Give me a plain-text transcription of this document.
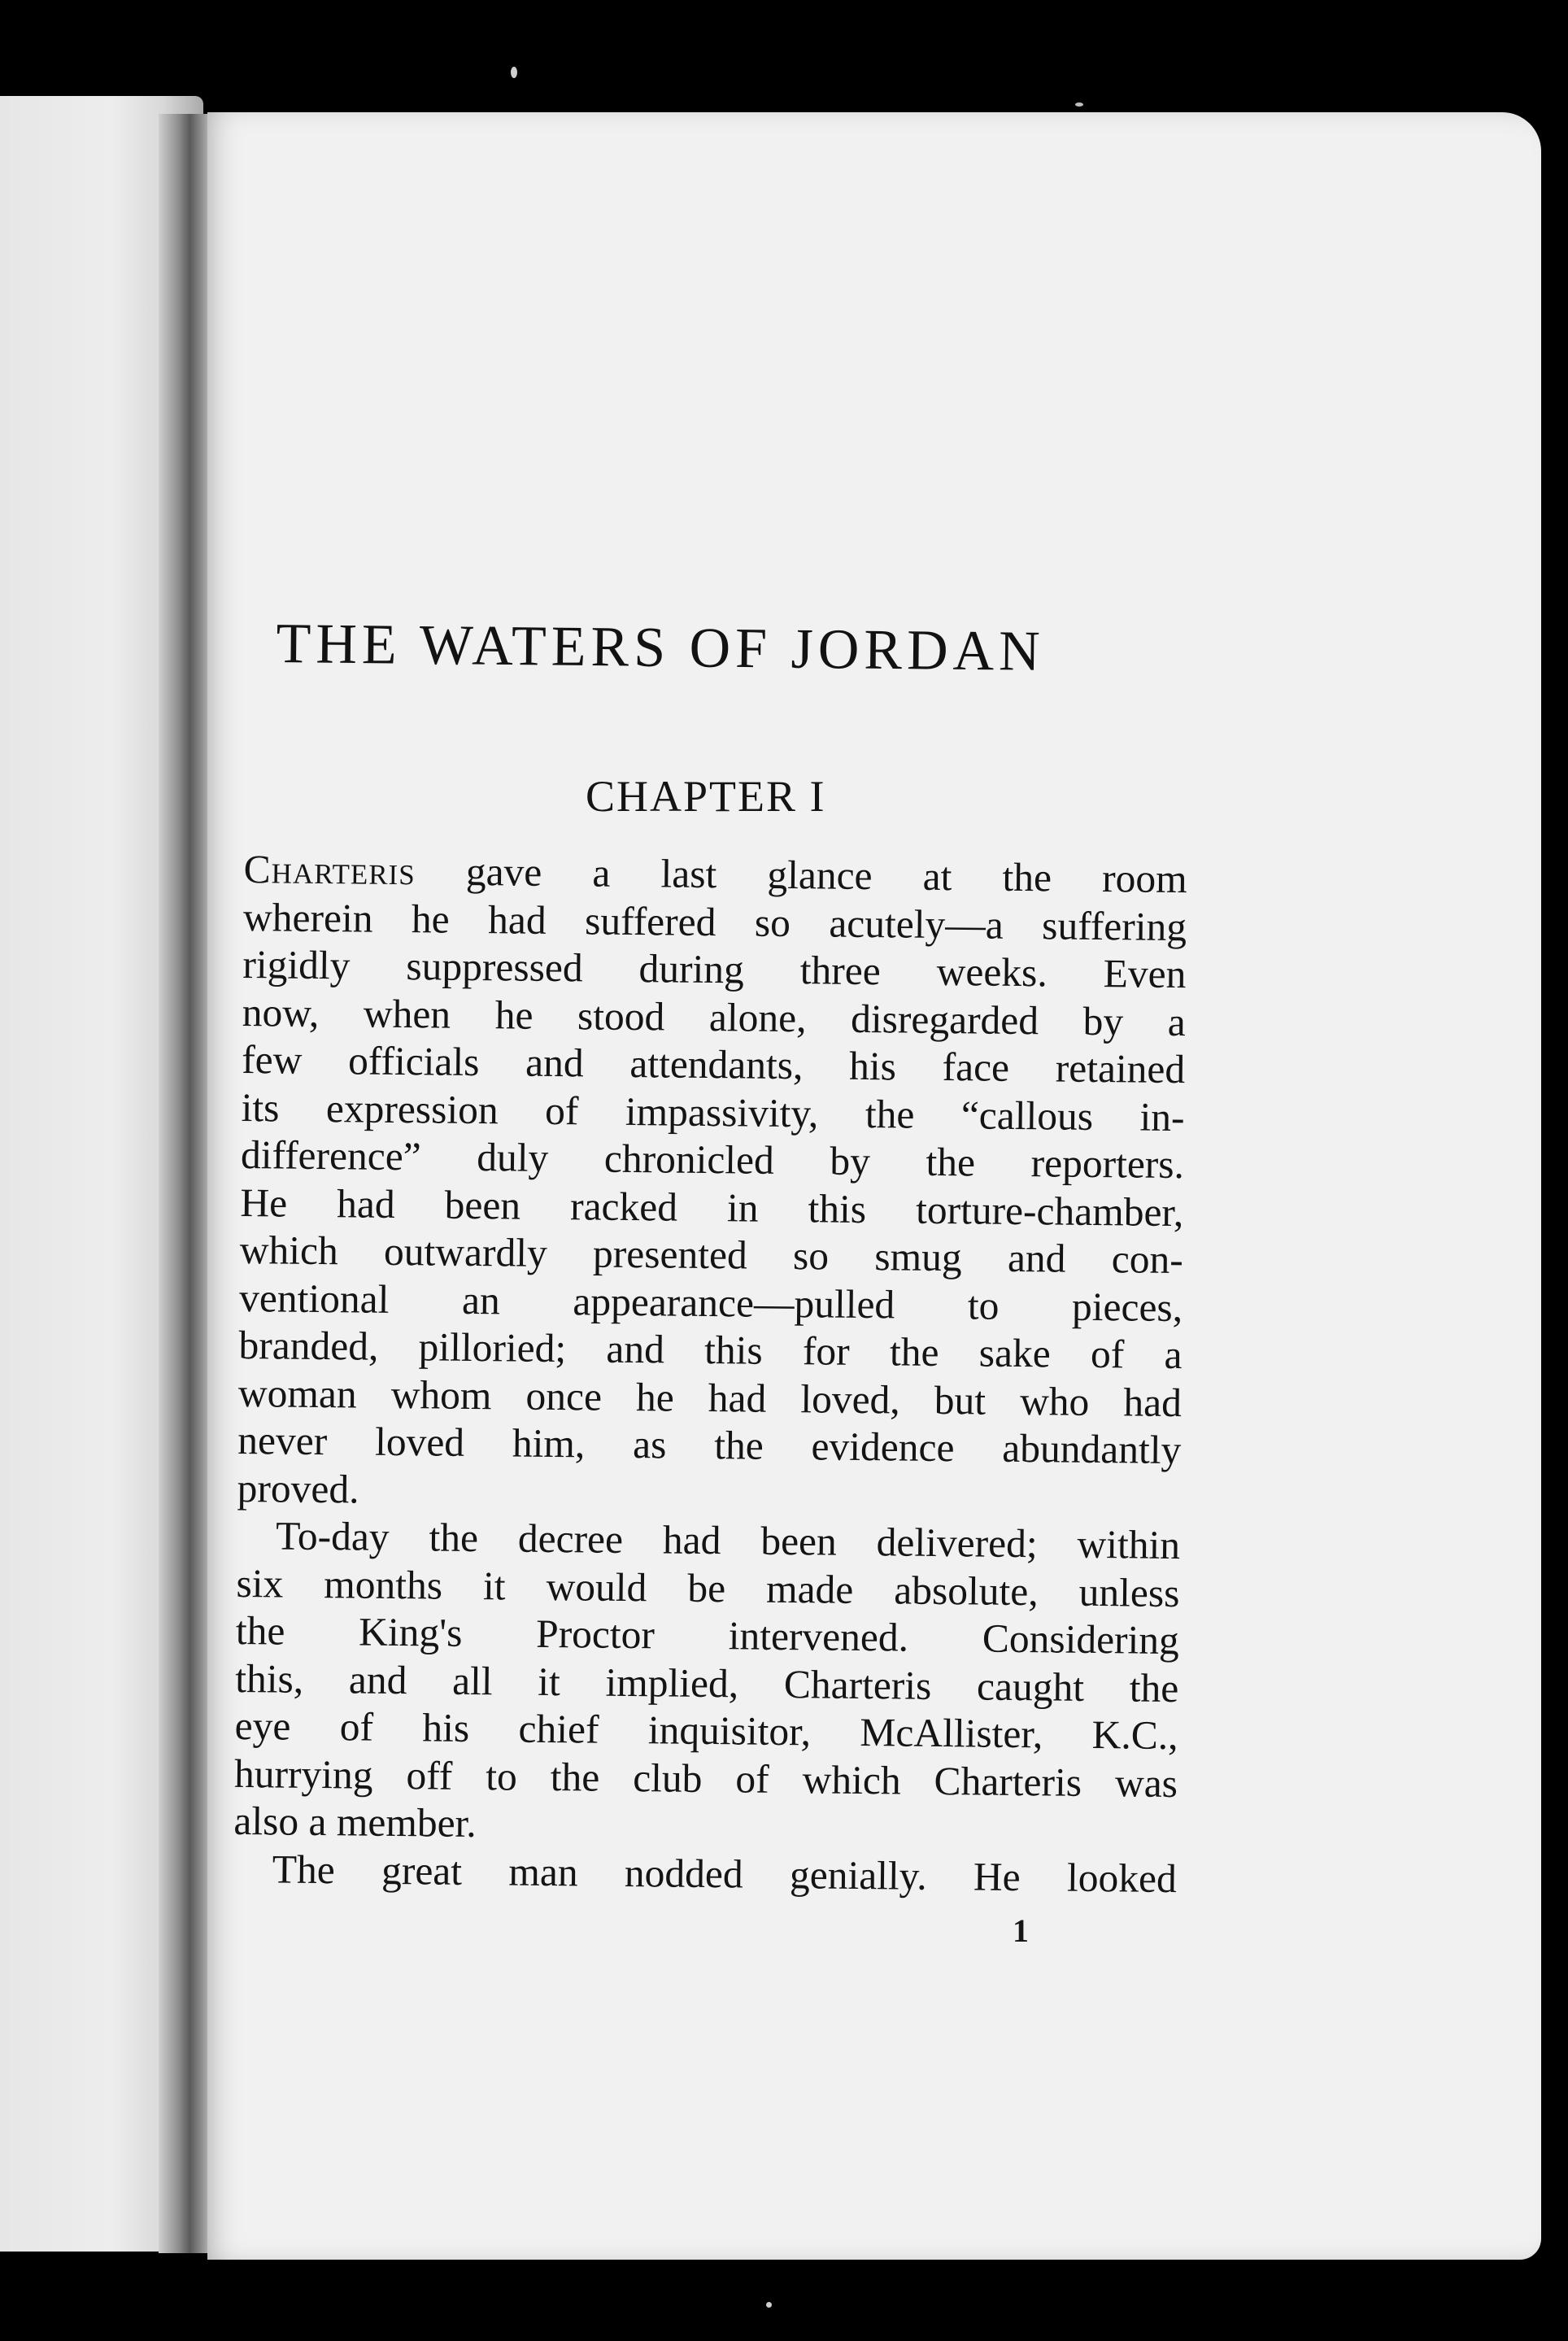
THE WATERS OF JORDAN
CHAPTER I

Charteris gave a last glance at the room
wherein he had suffered so acutely—a suffering
rigidly suppressed during three weeks. Even
now, when he stood alone, disregarded by a
few officials and attendants, his face retained
its expression of impassivity, the “callous in-
difference” duly chronicled by the reporters.
He had been racked in this torture-chamber,
which outwardly presented so smug and con-
ventional an appearance—pulled to pieces,
branded, pilloried; and this for the sake of a
woman whom once he had loved, but who had
never loved him, as the evidence abundantly
proved.

To-day the decree had been delivered; within
six months it would be made absolute, unless
the King's Proctor intervened. Considering
this, and all it implied, Charteris caught the
eye of his chief inquisitor, McAllister, K.C.,
hurrying off to the club of which Charteris was
also a member.

The great man nodded genially. He looked

1
